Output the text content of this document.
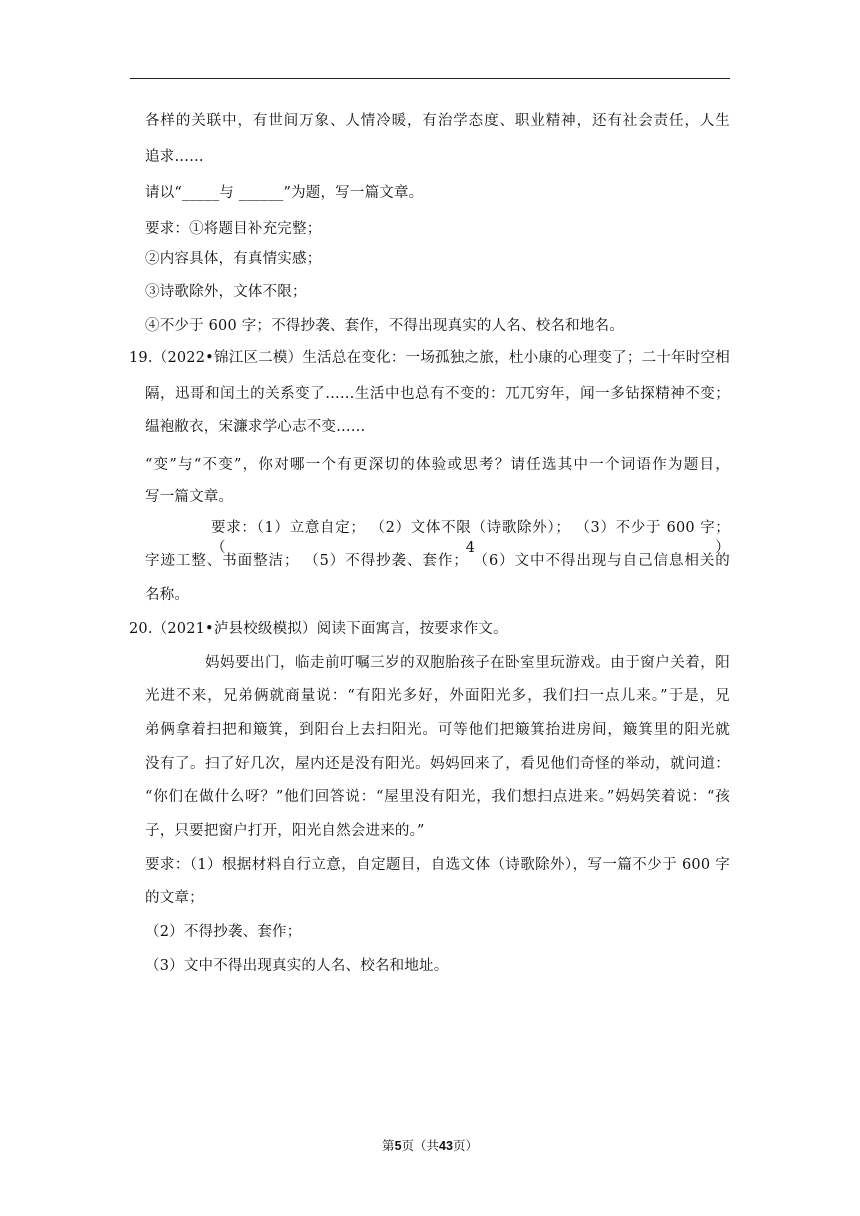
各样的关联中，有世间万象、人情冷暖，有治学态度、职业精神，还有社会责任，人生
追求……
请以“_____与 ______”为题，写一篇文章。
要求：①将题目补充完整；
②内容具体，有真情实感；
③诗歌除外，文体不限；
④不少于 600 字；不得抄袭、套作，不得出现真实的人名、校名和地名。
19.（2022•锦江区二模）生活总在变化：一场孤独之旅，杜小康的心理变了；二十年时空相
隔，迅哥和闰土的关系变了……生活中也总有不变的：兀兀穷年，闻一多钻探精神不变；
缊袍敝衣，宋濂求学心志不变……
“变”与“不变”，你对哪一个有更深切的体验或思考？请任选其中一个词语作为题目，
写一篇文章。
要求：（1）立意自定； （2）文体不限（诗歌除外）； （3）不少于 600 字；（4）
字迹工整、书面整洁； （5）不得抄袭、套作； （6）文中不得出现与自己信息相关的
名称。
20.（2021•泸县校级模拟）阅读下面寓言，按要求作文。
妈妈要出门，临走前叮嘱三岁的双胞胎孩子在卧室里玩游戏。由于窗户关着，阳
光进不来，兄弟俩就商量说：“有阳光多好，外面阳光多，我们扫一点儿来。”于是，兄
弟俩拿着扫把和簸箕，到阳台上去扫阳光。可等他们把簸箕抬进房间，簸箕里的阳光就
没有了。扫了好几次，屋内还是没有阳光。妈妈回来了，看见他们奇怪的举动，就问道：
“你们在做什么呀？”他们回答说：“屋里没有阳光，我们想扫点进来。”妈妈笑着说：“孩
子，只要把窗户打开，阳光自然会进来的。”
要求：（1）根据材料自行立意，自定题目，自选文体（诗歌除外），写一篇不少于 600 字
的文章；
（2）不得抄袭、套作；
（3）文中不得出现真实的人名、校名和地址。
第5页（共43页）
